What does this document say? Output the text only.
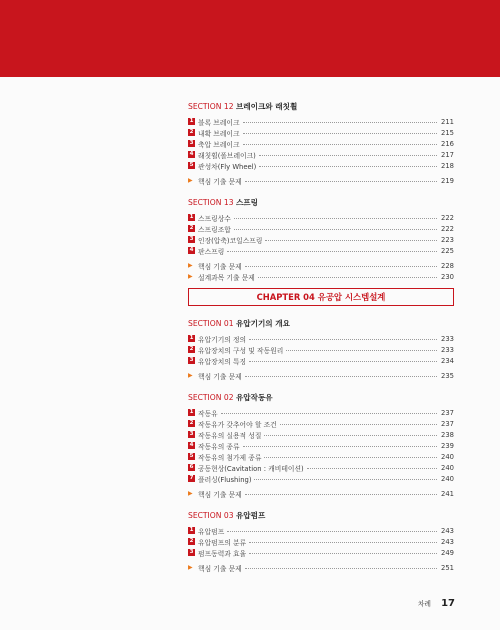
SECTION 12 브레이크와 래칫휠
1 블록 브레이크	211
2 내확 브레이크	215
3 축압 브레이크	216
4 래칫휠(폴브레이크)	217
5 관성차(Fly Wheel)	218
▶ 핵심 기출 문제	219
SECTION 13 스프링
1 스프링상수	222
2 스프링조합	222
3 인장(압축)코일스프링	223
4 판스프링	225
▶ 핵심 기출 문제	228
▶ 설계과목 기출 문제	230
CHAPTER 04 유공압 시스템설계
SECTION 01 유압기기의 개요
1 유압기기의 정의	233
2 유압장치의 구성 및 작동원리	233
3 유압장치의 특징	234
▶ 핵심 기출 문제	235
SECTION 02 유압작동유
1 작동유	237
2 작동유가 갖추어야 할 조건	237
3 작동유의 실용적 성질	238
4 작동유의 종류	239
5 작동유의 첨가제 종류	240
6 공동현상(Cavitation : 캐비테이션)	240
7 플러싱(Flushing)	240
▶ 핵심 기출 문제	241
SECTION 03 유압펌프
1 유압펌프	243
2 유압펌프의 분류	243
3 펌프동력과 효율	249
▶ 핵심 기출 문제	251
차례 17
